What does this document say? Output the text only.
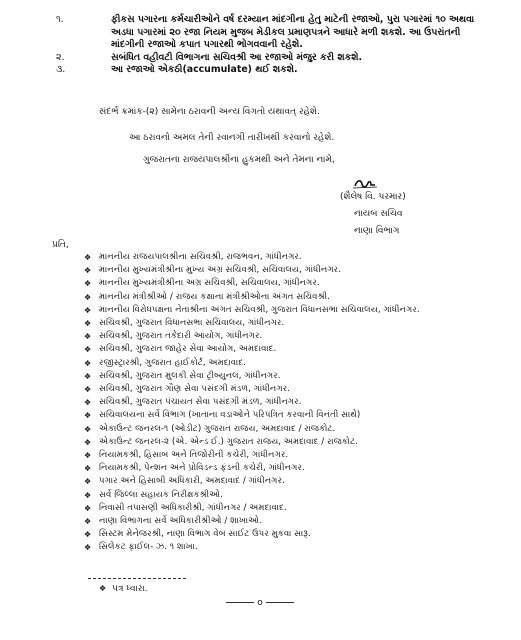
૧.	ફીકસ પગારના કર્મચારીઓને વર્ષ દરમ્યાન માંદગીના હેતુ માટેની રજાઓ, પુરા પગારમાં ૧૦ અથવા અડધા પગારમાં ૨૦ રજા નિયમ મુજબ મેડીકલ પ્રમાણપત્રને આધારે મળી શકશે. આ ઉપરાંતની માંદગીની રજાઓ કપાત પગારથી ભોગવવાની રહેશે.
૨.	સબંધિત વહીવટી વિભાગના સચિવશ્રી આ રજાઓ મંજુર કરી શકશે.
૩.	આ રજાઓ એકઠી(accumulate) થઈ શકશે.
સંદર્ભ ક્રમાંક-(૨) સામેના ઠરાવની અન્ય વિગતો યથાવત્ રહેશે.
આ ઠરાવનો અમલ તેની રવાનગી તારીખથી કરવાનો રહેશે.
ગુજરાતના રાજયપાલશ્રીના હુકમથી અને તેમના નામે,
(શૈલેષ વિ. પરમાર)
નાયબ સચિવ
નાણા વિભાગ
પ્રતિ,
❖ માનનીય રાજયપાલશ્રીના સચિવશ્રી, રાજભવન, ગાંધીનગર.
❖ માનનીય મુખ્યમંત્રીશ્રીના મુખ્ય અગ્ર સચિવશ્રી, સચિવાલય, ગાંધીનગર.
❖ માનનીય મુખ્યમંત્રીશ્રીના અગ્ર સચિવશ્રી, સચિવાલય, ગાંધીનગર.
❖ માનનીય મંત્રીશ્રીઓ / રાજય કક્ષાના મંત્રીશ્રીઓના અંગત સચિવશ્રી.
❖ માનનીય વિરોધપક્ષના નેતાશ્રીના અંગત સચિવશ્રી, ગુજરાત વિધાનસભા સચિવાલય, ગાંધીનગર.
❖ સચિવશ્રી, ગુજરાત વિધાનસભા સચિવાલય, ગાંધીનગર.
❖ સચિવશ્રી, ગુજરાત તકેદારી આયોગ, ગાંધીનગર.
❖ સચિવશ્રી, ગુજરાત જાહેર સેવા આયોગ, અમદાવાદ.
❖ રજીસ્ટ્રારશ્રી, ગુજરાત હાઈકોર્ટ, અમદાવાદ.
❖ સચિવશ્રી, ગુજરાત મુલકી સેવા ટ્રીબ્યુનલ, ગાંધીનગર.
❖ સચિવશ્રી, ગુજરાત ગૌણ સેવા પસંદગી મંડળ, ગાંધીનગર.
❖ સચિવશ્રી, ગુજરાત પંચાયત સેવા પસંદગી મંડળ, ગાંધીનગર.
❖ સચિવાલયના સર્વે વિભાગ (ખાતાના વડાઓને પરિપત્રિત કરવાની વિનંતી સાથે)
❖ એકાઉન્ટ જનરલ-૧ (ઓડીટ) ગુજરાત રાજય, અમદાવાદ / રાજકોટ.
❖ એકાઉન્ટ જનરલ-૨ (એ. એન્ડ ઈ.) ગુજરાત રાજય, અમદાવાદ / રાજકોટ.
❖ નિયામકશ્રી, હિસાબ અને તિજોરીની કચેરી, ગાંધીનગર.
❖ નિયામકશ્રી, પેન્શન અને પ્રોવિડન્ડ ફંડની કચેરી, ગાંધીનગર.
❖ પગાર અને હિસાબી અધિકારી, અમદાવાદ / ગાંધીનગર.
❖ સર્વે જિલ્લા સહાયક નિરીક્ષકશ્રીઓ.
❖ નિવાસી તપાસણી અધિકારીશ્રી, ગાંધીનગર / અમદાવાદ.
❖ નાણા વિભાગના સર્વે અધિકારીશ્રીઓ / શાખાઓ.
❖ સિસ્ટમ મેનેજરશ્રી, નાણા વિભાગ વેબ સાઈટ ઉપર મુકવા સારૂ.
❖ સિલેકટ ફાઈલ- ઝ. ૧ શાખા.
❖ પત્ર ધ્વારા.
o
